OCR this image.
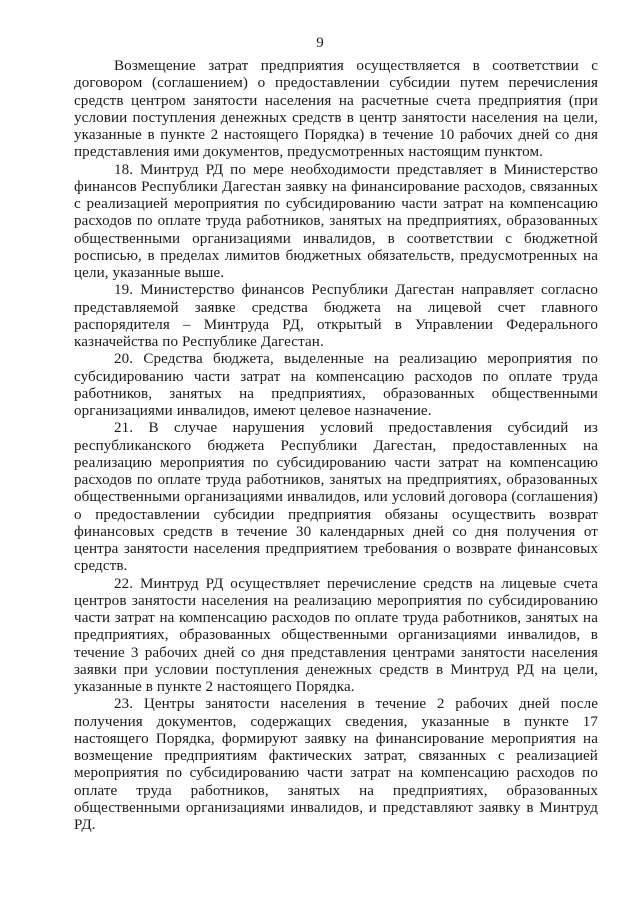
9

Возмещение затрат предприятия осуществляется в соответствии с договором (соглашением) о предоставлении субсидии путем перечисления средств центром занятости населения на расчетные счета предприятия (при условии поступления денежных средств в центр занятости населения на цели, указанные в пункте 2 настоящего Порядка) в течение 10 рабочих дней со дня представления ими документов, предусмотренных настоящим пунктом.

18. Минтруд РД по мере необходимости представляет в Министерство финансов Республики Дагестан заявку на финансирование расходов, связанных с реализацией мероприятия по субсидированию части затрат на компенсацию расходов по оплате труда работников, занятых на предприятиях, образованных общественными организациями инвалидов, в соответствии с бюджетной росписью, в пределах лимитов бюджетных обязательств, предусмотренных на цели, указанные выше.

19. Министерство финансов Республики Дагестан направляет согласно представляемой заявке средства бюджета на лицевой счет главного распорядителя – Минтруда РД, открытый в Управлении Федерального казначейства по Республике Дагестан.

20. Средства бюджета, выделенные на реализацию мероприятия по субсидированию части затрат на компенсацию расходов по оплате труда работников, занятых на предприятиях, образованных общественными организациями инвалидов, имеют целевое назначение.

21. В случае нарушения условий предоставления субсидий из республиканского бюджета Республики Дагестан, предоставленных на реализацию мероприятия по субсидированию части затрат на компенсацию расходов по оплате труда работников, занятых на предприятиях, образованных общественными организациями инвалидов, или условий договора (соглашения) о предоставлении субсидии предприятия обязаны осуществить возврат финансовых средств в течение 30 календарных дней со дня получения от центра занятости населения предприятием требования о возврате финансовых средств.

22. Минтруд РД осуществляет перечисление средств на лицевые счета центров занятости населения на реализацию мероприятия по субсидированию части затрат на компенсацию расходов по оплате труда работников, занятых на предприятиях, образованных общественными организациями инвалидов, в течение 3 рабочих дней со дня представления центрами занятости населения заявки при условии поступления денежных средств в Минтруд РД на цели, указанные в пункте 2 настоящего Порядка.

23. Центры занятости населения в течение 2 рабочих дней после получения документов, содержащих сведения, указанные в пункте 17 настоящего Порядка, формируют заявку на финансирование мероприятия на возмещение предприятиям фактических затрат, связанных с реализацией мероприятия по субсидированию части затрат на компенсацию расходов по оплате труда работников, занятых на предприятиях, образованных общественными организациями инвалидов, и представляют заявку в Минтруд РД.
